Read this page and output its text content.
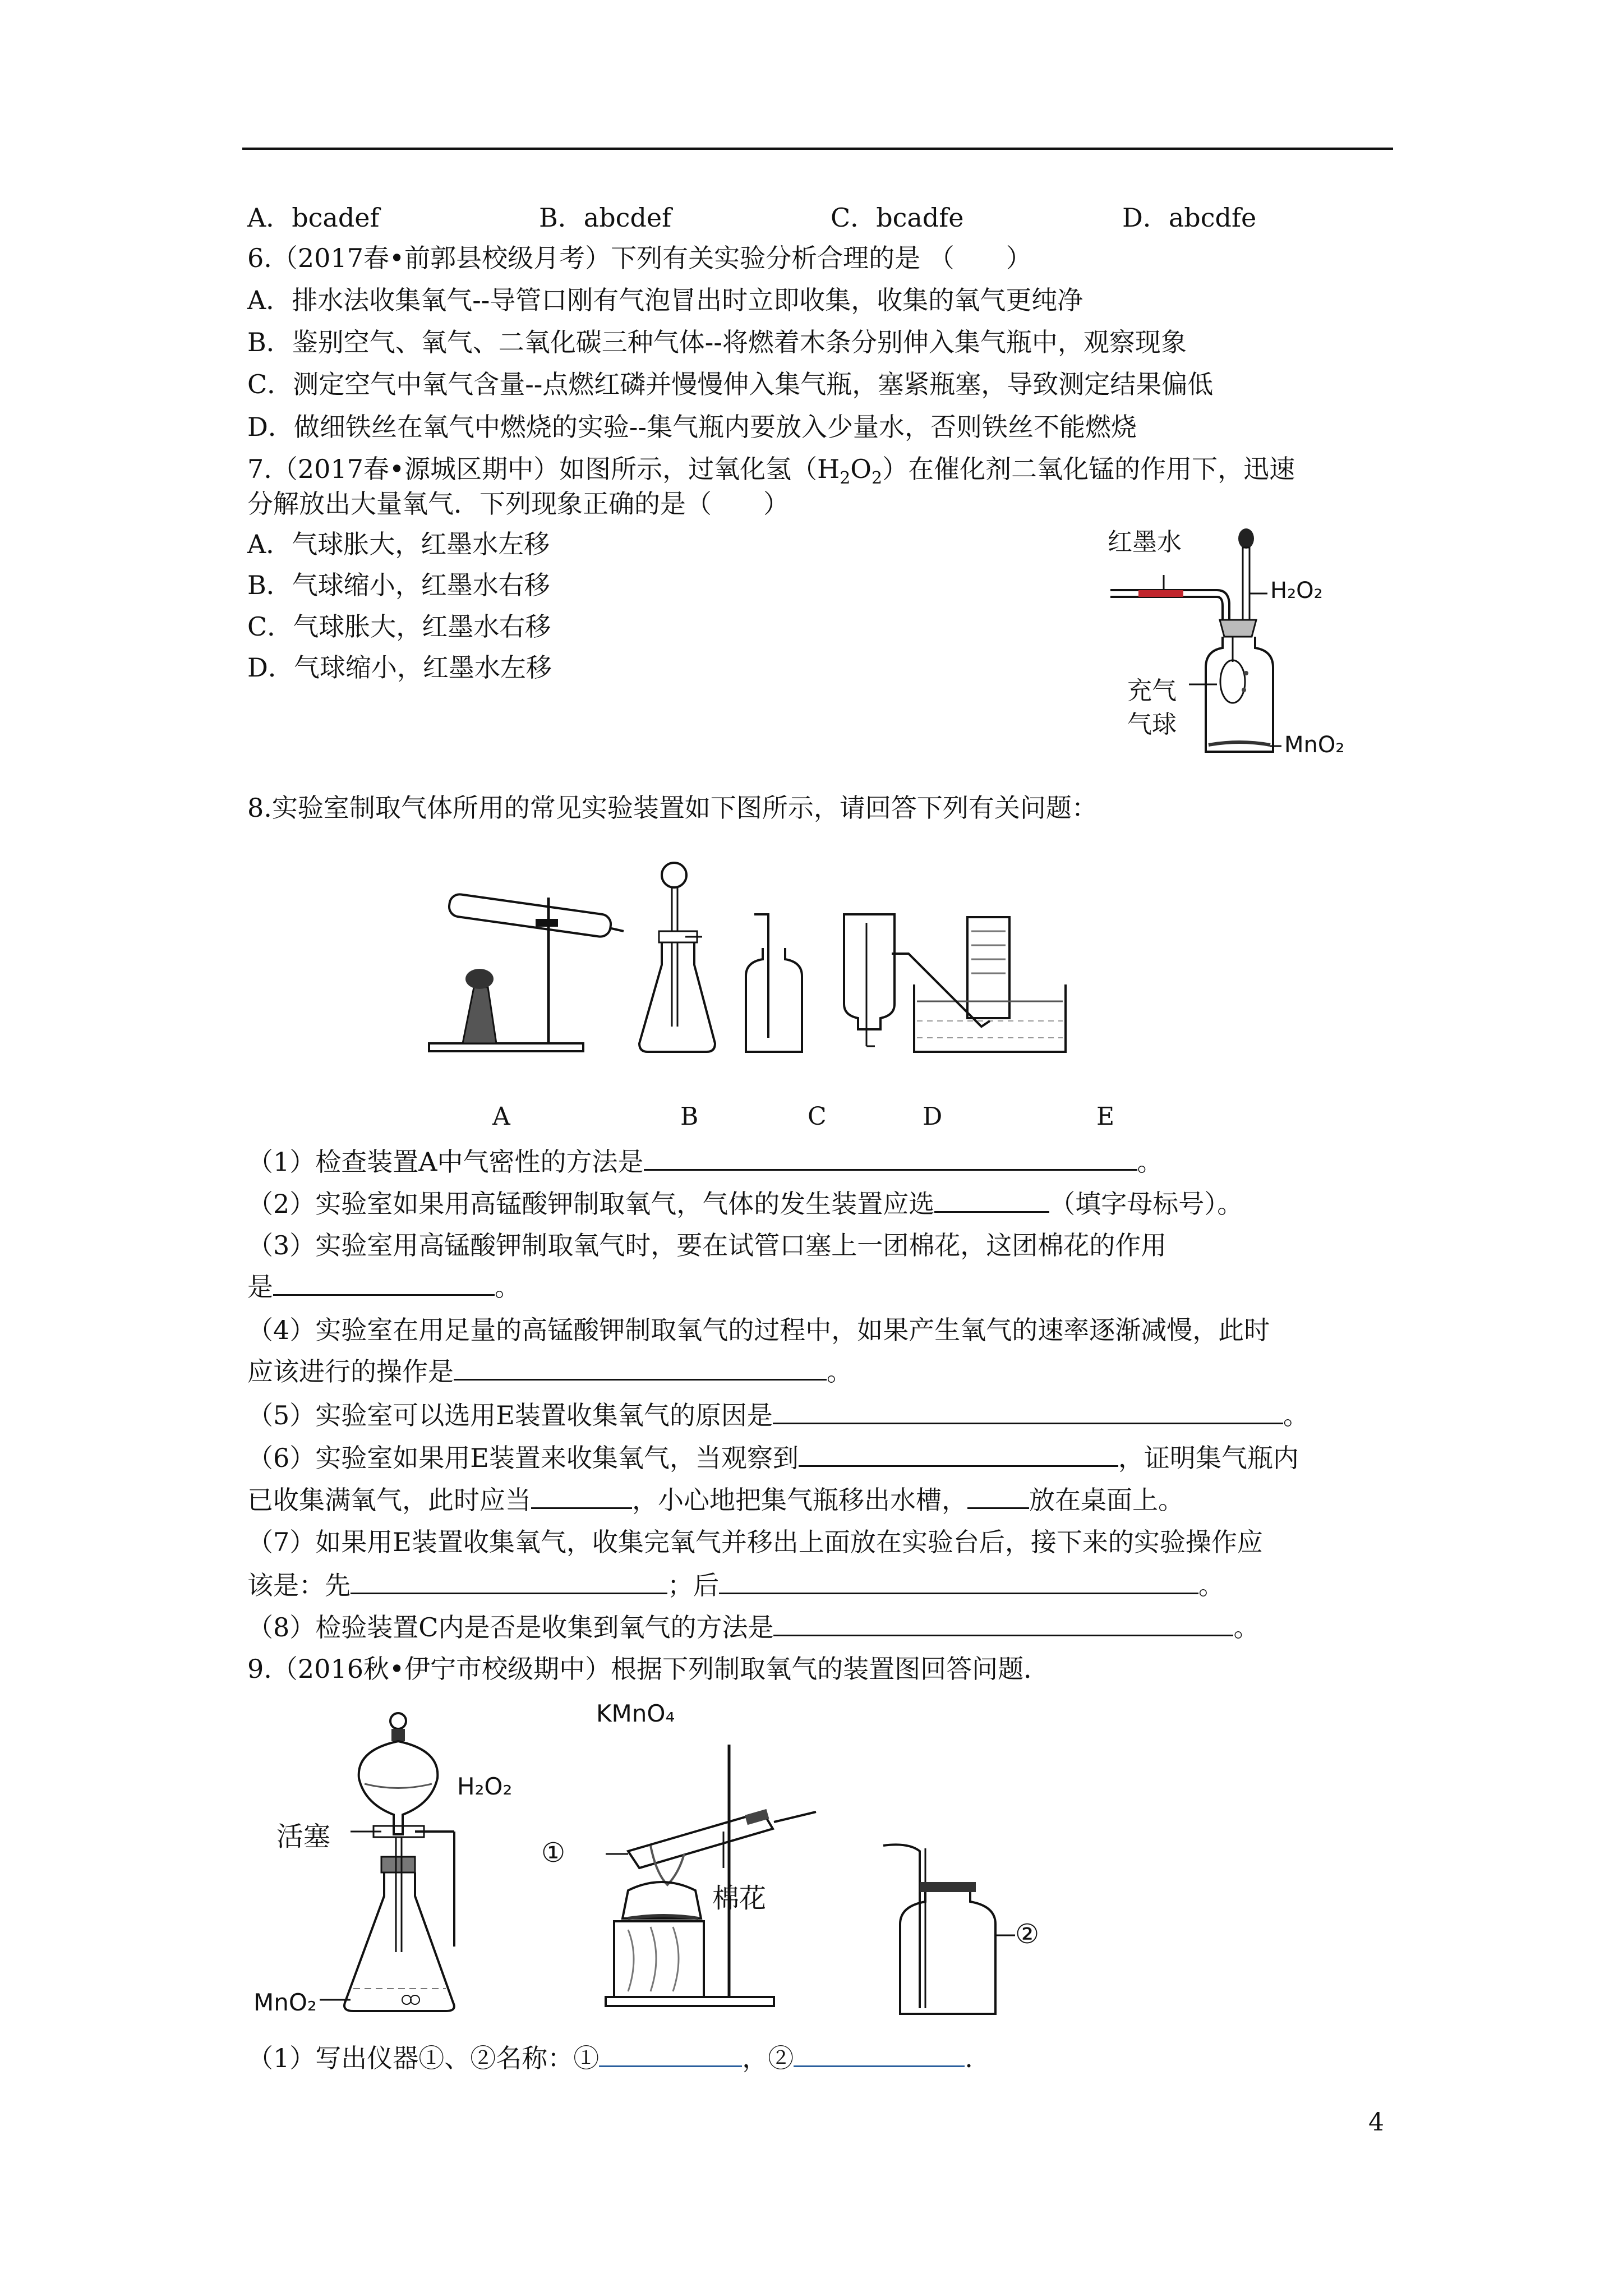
A．bcadef	B．abcdef	C．bcadfe	D．abcdfe
6.（2017春•前郭县校级月考）下列有关实验分析合理的是 （　　）
A．排水法收集氧气--导管口刚有气泡冒出时立即收集，收集的氧气更纯净
B．鉴别空气、氧气、二氧化碳三种气体--将燃着木条分别伸入集气瓶中，观察现象
C．测定空气中氧气含量--点燃红磷并慢慢伸入集气瓶，塞紧瓶塞，导致测定结果偏低
D．做细铁丝在氧气中燃烧的实验--集气瓶内要放入少量水，否则铁丝不能燃烧
7.（2017春•源城区期中）如图所示，过氧化氢$(H_2O_2)$在催化剂二氧化锰的作用下，迅速
分解放出大量氧气．下列现象正确的是（　　）
A．气球胀大，红墨水左移
B．气球缩小，红墨水右移
C．气球胀大，红墨水右移
D．气球缩小，红墨水左移
红墨水
H₂O₂
充气
气球
MnO₂
8.实验室制取气体所用的常见实验装置如下图所示，请回答下列有关问题：
A	B	C	D	E
（1）检查装置A中气密性的方法是	。
（2）实验室如果用高锰酸钾制取氧气，气体的发生装置应选	（填字母标号）。
（3）实验室用高锰酸钾制取氧气时，要在试管口塞上一团棉花，这团棉花的作用
是	。
（4）实验室在用足量的高锰酸钾制取氧气的过程中，如果产生氧气的速率逐渐减慢，此时
应该进行的操作是	。
（5）实验室可以选用E装置收集氧气的原因是	。
（6）实验室如果用E装置来收集氧气，当观察到	，证明集气瓶内
已收集满氧气，此时应当	，小心地把集气瓶移出水槽， 放在桌面上。
（7）如果用E装置收集氧气，收集完氧气并移出上面放在实验台后，接下来的实验操作应
该是：先	；后	。
（8）检验装置C内是否是收集到氧气的方法是	。
9.（2016秋•伊宁市校级期中）根据下列制取氧气的装置图回答问题．
H₂O₂
活塞
MnO₂
KMnO₄
①
棉花
②
（1）写出仪器①、②名称：①	，②	.
4
